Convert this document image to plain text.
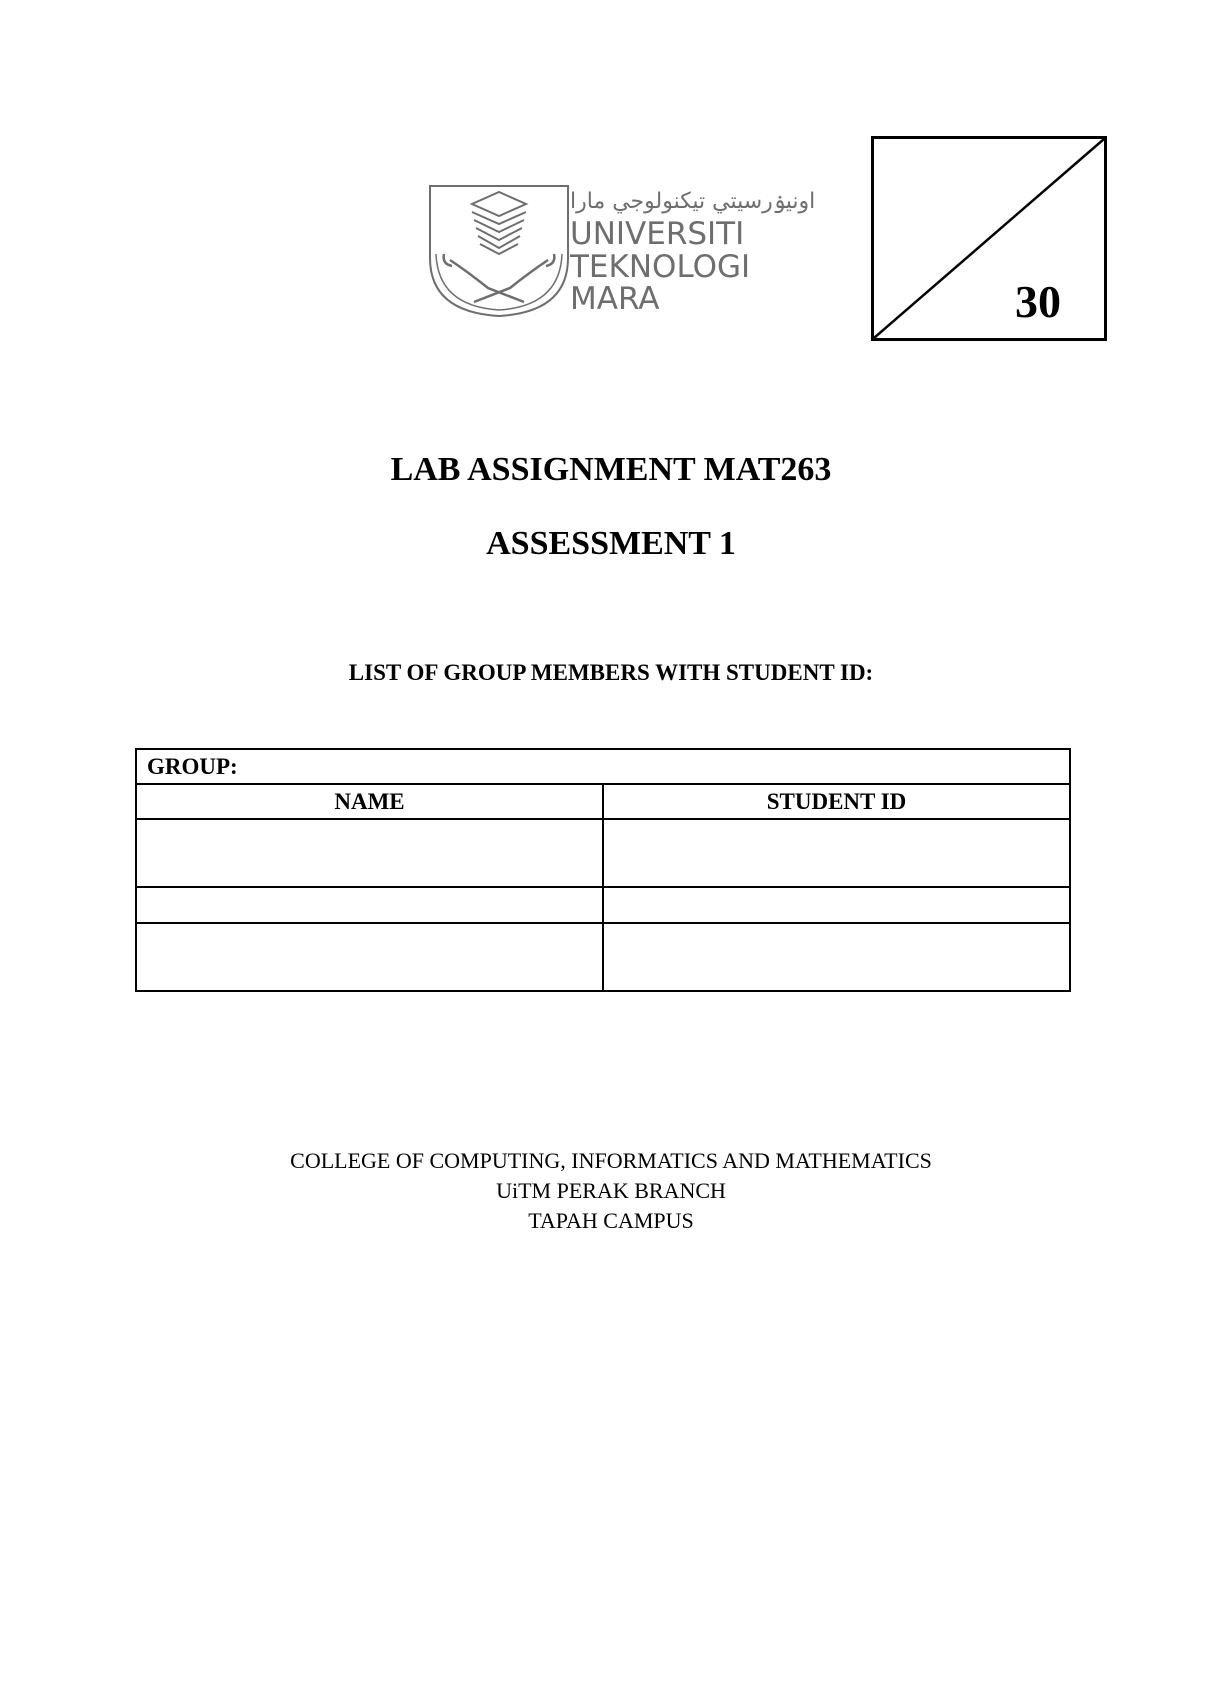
اونيۏرسيتي تيكنولوجي مارا
UNIVERSITI
TEKNOLOGI
MARA	30
LAB ASSIGNMENT MAT263
ASSESSMENT 1
LIST OF GROUP MEMBERS WITH STUDENT ID:
GROUP:	
NAME	STUDENT ID

COLLEGE OF COMPUTING, INFORMATICS AND MATHEMATICS
UiTM PERAK BRANCH
TAPAH CAMPUS
